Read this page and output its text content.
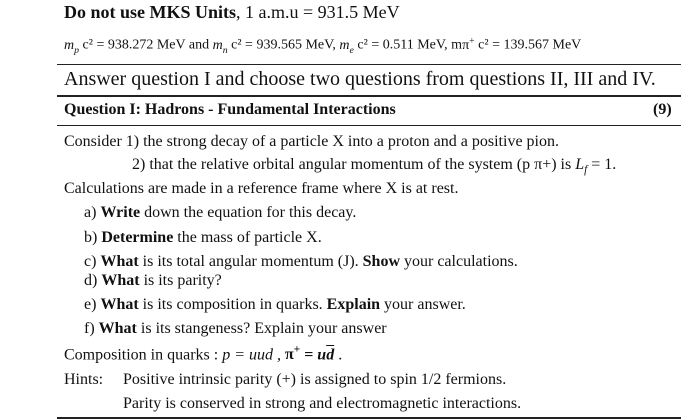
Do not use MKS Units, 1 a.m.u = 931.5 MeV
$m_p$ c² = 938.272 MeV and $m_n$ c² = 939.565 MeV, $m_e$ c² = 0.511 MeV, mπ+ c² = 139.567 MeV
Answer question I and choose two questions from questions II, III and IV.
Question I: Hadrons - Fundamental Interactions	(9)
Consider 1) the strong decay of a particle X into a proton and a positive pion.
2) that the relative orbital angular momentum of the system (p π+) is $L_f = 1$.
Calculations are made in a reference frame where X is at rest.
a) Write down the equation for this decay.
b) Determine the mass of particle X.
c) What is its total angular momentum (J). Show your calculations.
d) What is its parity?
e) What is its composition in quarks. Explain your answer.
f) What is its stangeness? Explain your answer
Composition in quarks : p = uud , $\pi^+ = u\overline{d}$ .
Hints: Positive intrinsic parity (+) is assigned to spin 1/2 fermions.
Parity is conserved in strong and electromagnetic interactions.
